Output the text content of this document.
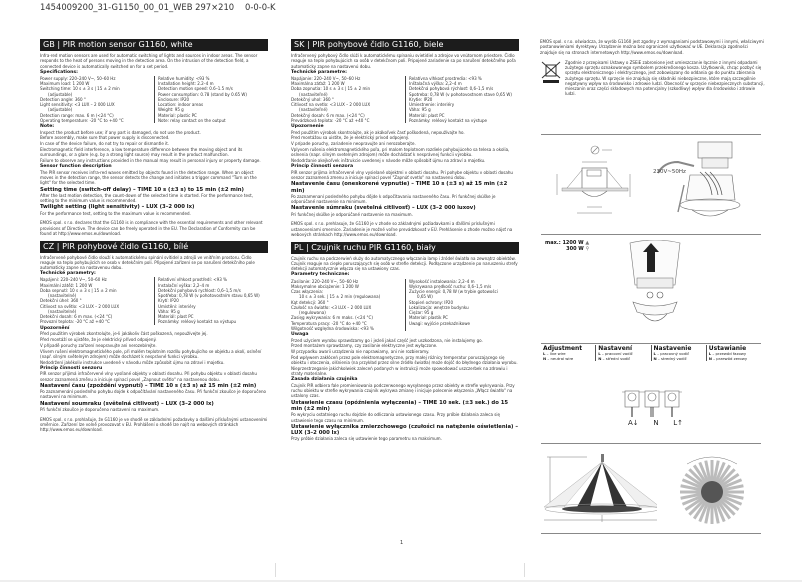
1454009200_31-G1150_00_01_WEB 297×210 0-0-0-K
GB | PIR motion sensor G1160, white

Infra-red motion sensors are used for automatic switching of lights and sources in indoor areas. The sensor responds to the heat of persons moving in the detection area. On the intrusion of the detection field, a connected device is automatically switched on for a set period.

Specifications:
Power supply: 220–240 V~, 50–60 Hz
Maximum load: 1 200 W
Switching time: 10 s ± 3 s | 15 ± 2 min
(adjustable)
Detection angle: 360 °
Light sensitivity: <3 LUX – 2 000 LUX
(adjustable)
Detection range: max. 6 m (<24 °C)
Operating temperature: -20 °C to +40 °C
Relative humidity: <93 %
Installation height: 2.2–4 m
Detection motion speed: 0.6–1.5 m/s
Power consumption: 0.78 (stand by 0.65 W)
Enclosure: IP20
Location: indoor areas
Weight: 95 g
Material: plastic PC
Note: relay contact on the output
Note:

Inspect the product before use; if any part is damaged, do not use the product.

Before assembly, make sure that power supply is disconnected.

In case of the device failure, do not try to repair or dismantle it.

Electromagnetic field interference, a low temperature difference between the moving object and its surroundings, or a glare (e.g. by a strong light source) may result in the product malfunction.

Failure to observe any instructions provided in the manual may result in personal injury or property damage.

Sensor function description

The PIR sensor receives infra-red waves emitted by objects found in the detection range. When an object moves in the detection range, the sensor detects the change and initiates a trigger command "Turn on the light" for the selected time.

Setting time (switch-off delay) – TIME 10 s (±3 s) to 15 min (±2 min)

After the last motion detection, the count-down of the selected time is started. For the performance test, setting to the minimum value is recommended.

Twilight setting (light sensitivity) – LUX (3–2 000 lx)

For the performance test, setting to the maximum value is recommended.

EMOS spol. s r.o. declares that the G1160 is in compliance with the essential requirements and other relevant provisions of Directive. The device can be freely operated in the EU. The Declaration of Conformity can be found at http://www.emos.eu/download.

CZ | PIR pohybové čidlo G1160, bílé

Infračervené pohybové čidlo slouží k automatickému spínání svítidel a zdrojů ve vnitřním prostoru. Čidlo reaguje na teplo pohybujících se osob v detekčním poli. Připojené zařízení se po narušení detekčního pole automaticky zapne na nastavenou dobu.

Technické parametry:
Napájení: 220–240 V~, 50–60 Hz
Maximální zátěž: 1 200 W
Doba sepnutí: 10 s ± 3 s | 15 ± 2 min
(nastavitelné)
Detekční úhel: 360 °
Citlivost na světlo: <3 LUX – 2 000 LUX
(nastavitelné)
Detekční dosah: 6 m max. (<24 °C)
Provozní teplota: -20 °C až +40 °C
Relativní vlhkost prostředí: <93 %
Instalační výška: 2,2–4 m
Detekční pohybová rychlost: 0,6–1,5 m/s
Spotřeba: 0,78 W (v pohotovostním stavu 0,65 W)
Krytí: IP20
Umístění: interiéry
Váha: 95 g
Materiál: plast PC
Poznámky: reléový kontakt na výstupu
Upozornění

Před použitím výrobek zkontrolujte, je-li jakákoliv část poškozená, nepoužívejte jej.

Před montáží se ujistěte, že je elektrický přívod odpojený.

V případě poruchy zařízení neopravujte ani nerozebírejte.

Vlivem rušení elektromagnetického pole, při malém teplotním rozdílu pohybujícího se objektu a okolí, oslnění (např. silným světelným zdrojem) může docházet k nesprávné funkci výrobku.

Nedodržení jakékoliv instrukce uvedené v návodu může způsobit újmu na zdraví i majetku.

Princip činnosti senzoru

PIR senzor přijímá infračervené vlny vysílané objekty v oblasti dosahu. Při pohybu objektu v oblasti dosahu senzor zaznamená změnu a iniciuje spínací povel „Zapnout světlo" na nastavenou dobu.

Nastavení času (zpoždění vypnutí) – TIME 10 s (±3 s) až 15 min (±2 min)

Po zaznamenání posledního pohybu dojde k odpočítávání nastaveného času. Při funkční zkoušce je doporučeno nastavení na minimum.

Nastavení soumraku (světelná citlivost) – LUX (3–2 000 lx)

Při funkční zkoušce je doporučeno nastavení na maximum.

EMOS spol. s r.o. prohlašuje, že G1160 je ve shodě se základními požadavky a dalšími příslušnými ustanoveními směrnice. Zařízení lze volně provozovat v EU. Prohlášení o shodě lze najít na webových stránkách http://www.emos.eu/download.

SK | PIR pohybové čidlo G1160, biele

Infračervený pohybový čidlo slúži k automatickému spínaniu svietidiel a zdrojov vo vnútornom priestore. Čidlo reaguje na teplo pohybujúcich sa osôb v detekčnom poli. Pripojené zariadenie sa po narušení detekčného poľa automaticky zapne na nastavenú dobu.

Technické parametre:
Napájanie: 220–240 V~, 50–60 Hz
Maximálna záťaž: 1 200 W
Doba zopnutia: 10 s ± 3 s | 15 ± 2 min
(nastaviteľné)
Detekčný uhol: 360 °
Citlivosť na svetlo: <3 LUX – 2 000 LUX
(nastaviteľné)
Detekčný dosah: 6 m max. (<24 °C)
Prevádzková teplota: -20 °C až +40 °C
Relatívna vlhkosť prostredia: <93 %
Inštalačná výška: 2,2–4 m
Detekčná pohybová rýchlosť: 0,6–1,5 m/s
Spotreba: 0,78 W (v pohotovostnom stave 0,65 W)
Krytie: IP20
Umiestnenie: interiéry
Váha: 95 g
Materiál: plast PC
Poznámky: reléový kontakt na výstupe
Upozornenie

Pred použitím výrobok skontrolujte, ak je akákoľvek časť poškodená, nepoužívajte ho.

Pred montážou sa uistite, že je elektrický prívod odpojený.

V prípade poruchy, zariadenie neopravujte ani nerozoberajte.

Vplyvom rušenia elektromagnetického poľa, pri malom teplotnom rozdiele pohybujúceho sa telesa a okolia, oslnenia (napr. silným svetelným zdrojom) môže dochádzať k nesprávnej funkcii výrobku.

Nedodržanie akejkoľvek inštrukcie uvedenej v návode môže spôsobiť újmu na zdraví a majetku.

Princíp činnosti senzora

PIR senzor prijíma infračervené vlny vysielané objektmi v oblasti dosahu. Pri pohybe objektu v oblasti dosahu senzor zaznamená zmenu a iniciuje spínací povel "Zapnúť svetlo" na nastavenú dobu.

Nastavenie času (oneskorené vypnutie) – TIME 10 s (±3 s) až 15 min (±2 min)

Po zaznamenaní posledného pohybu dôjde k odpočítavaniu nastaveného času. Pri funkčnej skúške je odporúčané nastavenie na minimum.

Nastavenie súmraku (svetelná citlivosť) – LUX (3–2 000 luxov)

Pri funkčnej skúške je odporúčané nastavenie na maximum.

EMOS spol. s r.o. prehlasuje, že G1160 je v zhode so základnými požiadavkami a ďalšími príslušnými ustanoveniami smernice. Zariadenie je možné voľne prevádzkovať v EÚ. Prehlásenie o zhode možno nájsť na webových stránkach http://www.emos.eu/download.

PL | Czujnik ruchu PIR G1160, biały

Czujnik ruchu na podczerwień służy do automatycznego włączania lamp i źródeł światła na zewnątrz obiektów. Czujnik reaguje na ciepło poruszających się osób w strefie detekcji. Podłączone urządzenie po naruszeniu strefy detekcji automatycznie włącza się na ustawiony czas.

Parametry techniczne:
Zasilanie: 220–240 V~, 50–60 Hz
Maksymalne obciążenie: 1 200 W
Czas włączenia:
10 s ± 3 sek. | 15 ± 2 min (regulowana)
Kąt detekcji: 360 °
Czułość na światło: <3 LUX – 2 000 LUX
(regulowana)
Zasięg wykrywania: 6 m maks. (<24 °C)
Temperatura pracy: -20 °C do +40 °C
Wilgotność względna środowiska: <93 %
Wysokość instalowania: 2,2–4 m
Wykrywana prędkość ruchu: 0,6–1,5 m/s
Zużycie energii: 0,78 W (w trybie gotowości
0,65 W)
Stopień ochrony: IP20
Lokalizacja: wnętrze budynku
Ciężar: 95 g
Materiał: plastik PC
Uwagi: wyjście przekaźnikowe
Uwaga

Przed użyciem wyrobu sprawdzamy go i jeżeli jakaś część jest uszkodzona, nie instalujemy go.

Przed montażem sprawdzamy, czy zasilanie elektryczne jest wyłączone.

W przypadku awarii urządzenia nie naprawiamy, ani nie rozbieramy.

Pod wpływem zakłóceń przez pole elektromagnetyczne, przy małej różnicy temperatur poruszającego się obiektu i otoczenia, olśnienia (na przykład przez silne źródło światła) może dojść do błędnego działania wyrobu.

Nieprzestrzeganie jakichkolwiek zaleceń podanych w instrukcji może spowodować uszczerbek na zdrowiu i straty materialne.

Zasada działania czujnika

Czujnik PIR odbiera fale promieniowania podczerwonego wysyłanego przez obiekty w strefie wykrywania. Przy ruchu obiektu w strefie wykrywania czujnik wykrywa zmianę i inicjuje polecenie włączenia „Włącz światło" na ustalony czas.

Ustawienie czasu (opóźnienia wyłączenia) – TIME 10 sek. (±3 sek.) do 15 min (±2 min)

Po wykryciu ostatniego ruchu dojdzie do odliczania ustawionego czasu. Przy próbie działania zaleca się ustawienie tego czasu na minimum.

Ustawienie wyłącznika zmierzchowego (czułości na natężenie oświetlenia) – LUX (3–2 000 lx)

Przy próbie działania zaleca się ustawienie tego parametru na maksimum.

EMOS spol. s r.o. oświadcza, że wyrób G1160 jest zgodny z wymaganiami podstawowymi i innymi, właściwymi postanowieniami dyrektywy. Urządzenie można bez ograniczeń użytkować w UE. Deklaracja zgodności znajduje się na stronach internetowych http://www.emos.eu/download.

Zgodnie z przepisami Ustawy o ZSEiE zabronione jest umieszczanie łącznie z innymi odpadami zużytego sprzętu oznakowanego symbolem przekreślonego kosza. Użytkownik, chcąc pozbyć się sprzętu elektronicznego i elektrycznego, jest zobowiązany do oddania go do punktu zbierania zużytego sprzętu. W sprzęcie nie znajdują się składniki niebezpieczne, które mają szczególnie negatywny wpływ na środowisko i zdrowie ludzi. Obecność w sprzęcie niebezpiecznych substancji, mieszanin oraz części składowych ma potencjalny (szkodliwy) wpływ dla środowisko i zdrowie ludzi.

230V~50Hz
max.: 1200 W ▲
300 W ⚲
Adjustment
L – live wire
N – neutral wire
Nastavení
L – pracovní vodič
N – střední vodič
Nastavenie
L – pracovný vodič
N – stredný vodič
Ustawianie
L – przewód fazowy
N – przewód zerowy
A↓ N L↑
1
